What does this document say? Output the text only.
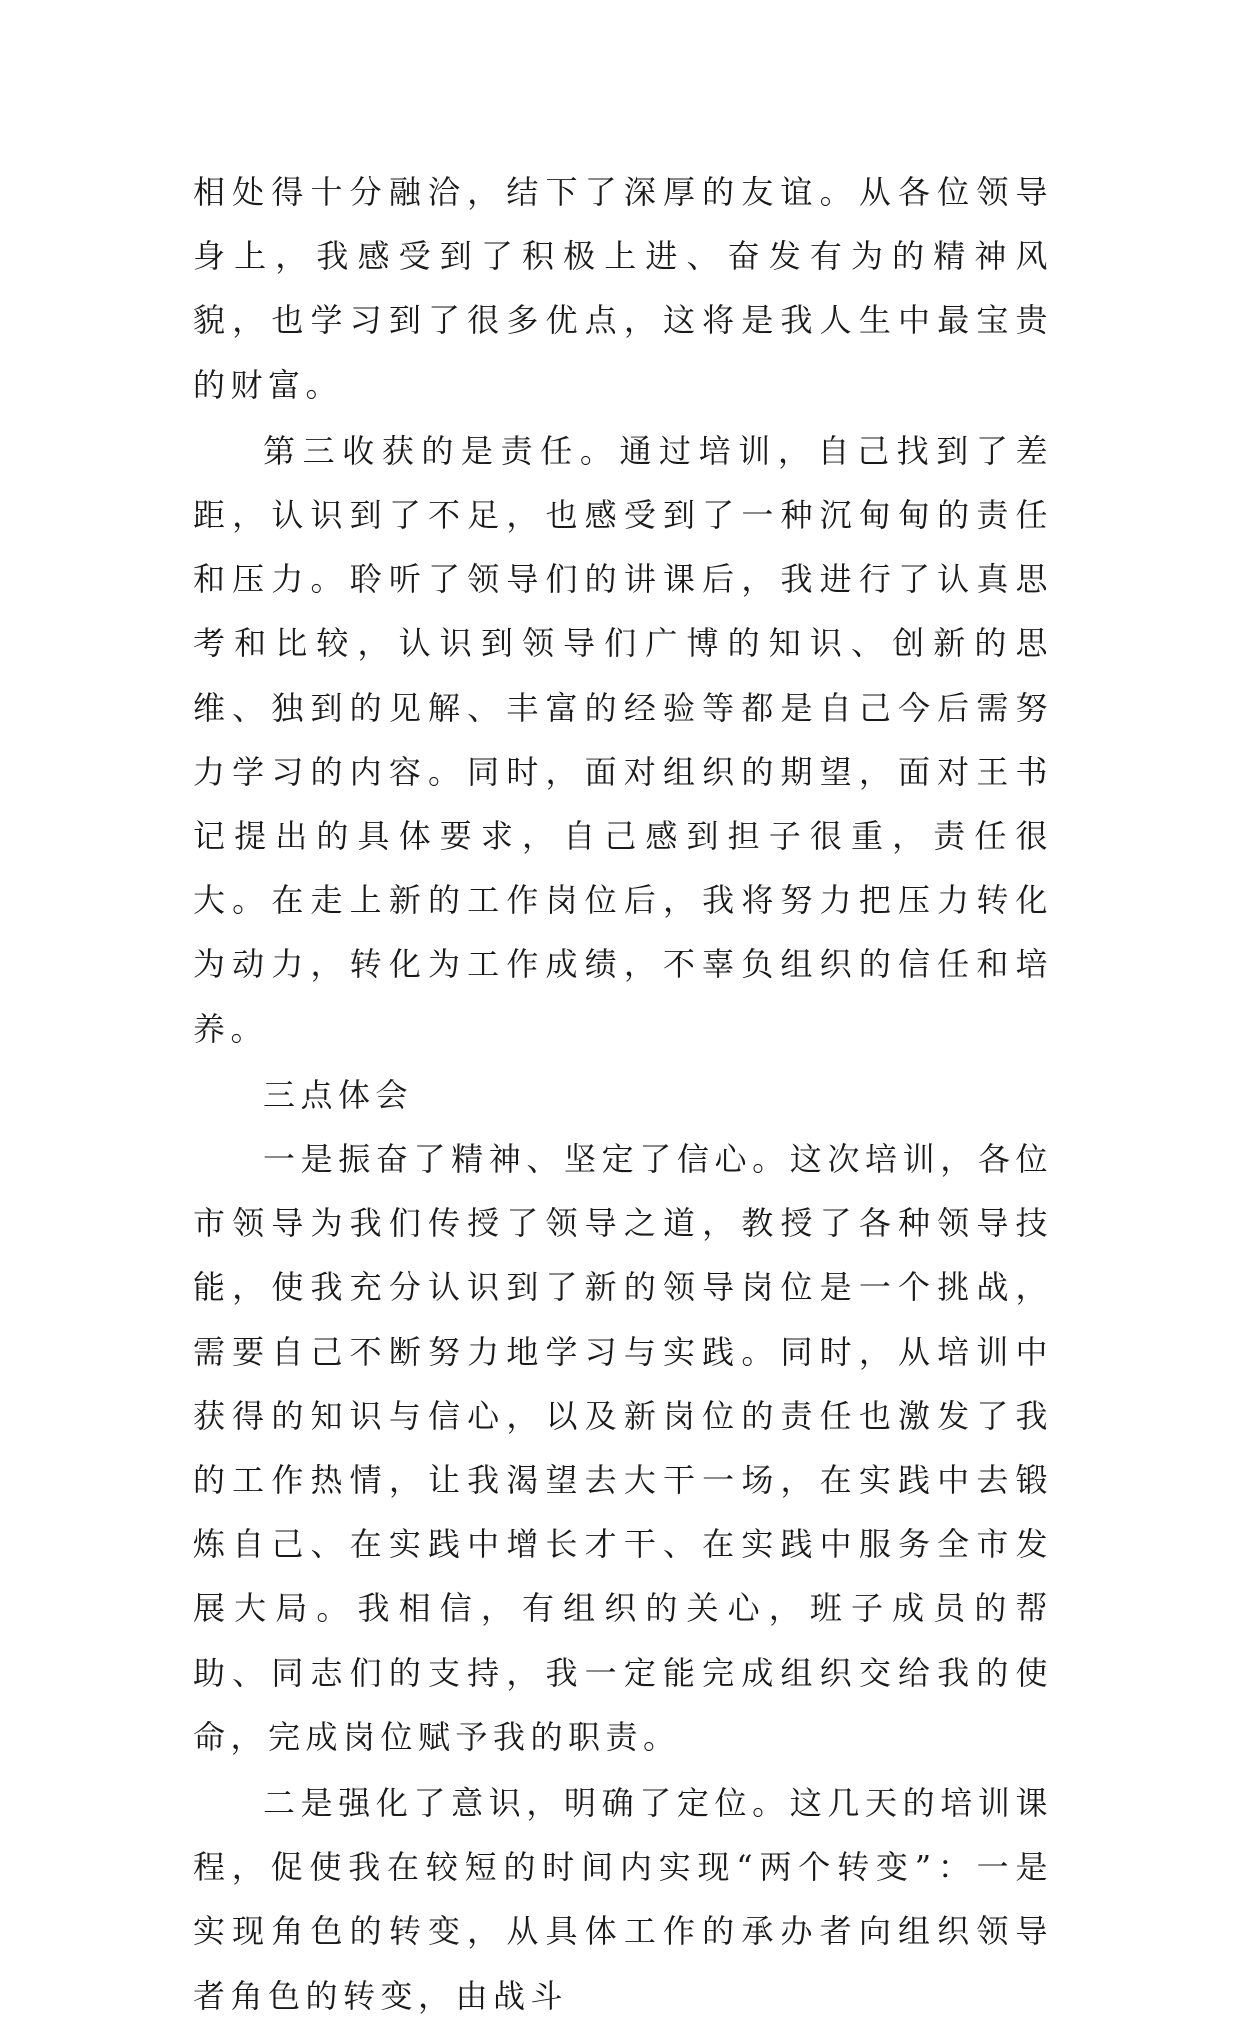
相处得十分融洽，结下了深厚的友谊。从各位领导身上，我感受到了积极上进、奋发有为的精神风貌，也学习到了很多优点，这将是我人生中最宝贵的财富。

第三收获的是责任。通过培训，自己找到了差距，认识到了不足，也感受到了一种沉甸甸的责任和压力。聆听了领导们的讲课后，我进行了认真思考和比较，认识到领导们广博的知识、创新的思维、独到的见解、丰富的经验等都是自己今后需努力学习的内容。同时，面对组织的期望，面对王书记提出的具体要求，自己感到担子很重，责任很大。在走上新的工作岗位后，我将努力把压力转化为动力，转化为工作成绩，不辜负组织的信任和培养。

三点体会

一是振奋了精神、坚定了信心。这次培训，各位市领导为我们传授了领导之道，教授了各种领导技能，使我充分认识到了新的领导岗位是一个挑战，需要自己不断努力地学习与实践。同时，从培训中获得的知识与信心，以及新岗位的责任也激发了我的工作热情，让我渴望去大干一场，在实践中去锻炼自己、在实践中增长才干、在实践中服务全市发展大局。我相信，有组织的关心，班子成员的帮助、同志们的支持，我一定能完成组织交给我的使命，完成岗位赋予我的职责。

二是强化了意识，明确了定位。这几天的培训课程，促使我在较短的时间内实现“两个转变”：一是实现角色的转变，从具体工作的承办者向组织领导者角色的转变，由战斗
